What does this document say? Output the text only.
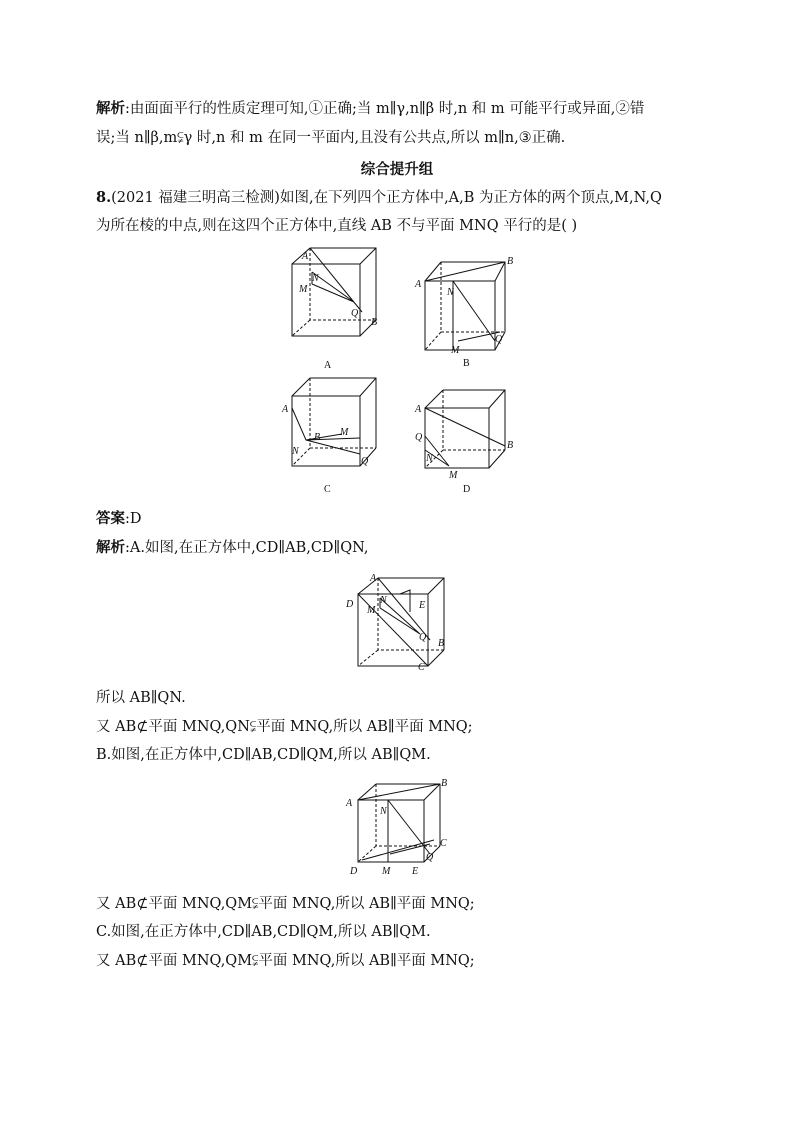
解析:由面面平行的性质定理可知,①正确;当 m∥γ,n∥β 时,n 和 m 可能平行或异面,②错
误;当 n∥β,m⫋γ 时,n 和 m 在同一平面内,且没有公共点,所以 m∥n,③正确.
综合提升组
8.(2021 福建三明高三检测)如图,在下列四个正方体中,A,B 为正方体的两个顶点,M,N,Q
为所在棱的中点,则在这四个正方体中,直线 AB 不与平面 MNQ 平行的是( )
A
N
M
Q
B
A
A
B
N
M
Q
B
A
B M
N
Q
C
A
Q
N
B
M
D
答案:D
解析:A.如图,在正方体中,CD∥AB,CD∥QN,
A
D	N
M	E
Q
B
C
所以 AB∥QN.
又 AB⊄平面 MNQ,QN⫋平面 MNQ,所以 AB∥平面 MNQ;
B.如图,在正方体中,CD∥AB,CD∥QM,所以 AB∥QM.
A
B
N
C
Q
D M E
又 AB⊄平面 MNQ,QM⫋平面 MNQ,所以 AB∥平面 MNQ;
C.如图,在正方体中,CD∥AB,CD∥QM,所以 AB∥QM.
又 AB⊄平面 MNQ,QM⫋平面 MNQ,所以 AB∥平面 MNQ;
